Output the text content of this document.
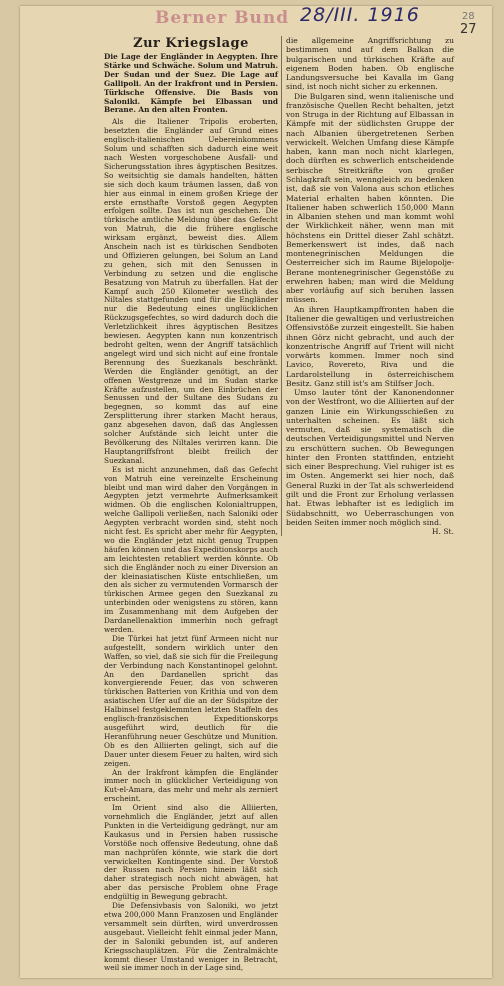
Berner Bund 28/III. 1916	28
27
Zur Kriegslage
Die Lage der Engländer in Aegypten. Ihre Stärke und Schwäche. Solum und Matruh. Der Sudan und der Suez. Die Lage auf Gallipoli. An der Irakfront und in Persien. Türkische Offensive. Die Basis von Saloniki. Kämpfe bei Elbassan und Berane. An den alten Fronten.

Als die Italiener Tripolis eroberten, besetzten die Engländer auf Grund eines englisch-italienischen Uebereinkommens Solum und schafften sich dadurch eine weit nach Westen vorgeschobene Ausfall- und Sicherungsstation ihres ägyptischen Besitzes. So weitsichtig sie damals handelten, hätten sie sich doch kaum träumen lassen, daß von hier aus einmal in einem großen Kriege der erste ernsthafte Vorstoß gegen Aegypten erfolgen sollte. Das ist nun geschehen. Die türkische amtliche Meldung über das Gefecht von Matruh, die die frühere englische wirksam ergänzt, beweist dies. Allem Anschein nach ist es türkischen Sendboten und Offizieren gelungen, bei Solum an Land zu gehen, sich mit den Senussen in Verbindung zu setzen und die englische Besatzung von Matruh zu überfallen. Hat der Kampf auch 250 Kilometer westlich des Niltales stattgefunden und für die Engländer nur die Bedeutung eines unglücklichen Rückzugsgefechtes, so wird dadurch doch die Verletzlichkeit ihres ägyptischen Besitzes bewiesen. Aegypten kann nun konzentrisch bedroht gelten, wenn der Angriff tatsächlich angelegt wird und sich nicht auf eine frontale Berennung des Suezkanals beschränkt. Werden die Engländer genötigt, an der offenen Westgrenze und im Sudan starke Kräfte aufzustellen, um den Einbrüchen der Senussen und der Sultane des Sudans zu begegnen, so kommt das auf eine Zersplitterung ihrer starken Macht heraus, ganz abgesehen davon, daß das Anglessen solcher Aufstände sich leicht unter die Bevölkerung des Niltales verirren kann. Die Hauptangriffsfront bleibt freilich der Suezkanal.

Es ist nicht anzunehmen, daß das Gefecht von Matruh eine vereinzelte Erscheinung bleibt und man wird daher den Vorgängen in Aegypten jetzt vermehrte Aufmerksamkeit widmen. Ob die englischen Kolonialtruppen, welche Gallipoli verließen, nach Saloniki oder Aegypten verbracht worden sind, steht noch nicht fest. Es spricht aber mehr für Aegypten, wo die Engländer jetzt nicht genug Truppen häufen können und das Expeditionskorps auch am leichtesten retabliert werden könnte. Ob sich die Engländer noch zu einer Diversion an der kleinasiatischen Küste entschließen, um den als sicher zu vermutenden Vormarsch der türkischen Armee gegen den Suezkanal zu unterbinden oder wenigstens zu stören, kann im Zusammenhang mit dem Aufgeben der Dardanellenaktion immerhin noch gefragt werden.

Die Türkei hat jetzt fünf Armeen nicht nur aufgestellt, sondern wirklich unter den Waffen, so viel, daß sie sich für die Freilegung der Verbindung nach Konstantinopel gelohnt. An den Dardanellen spricht das konvergierende Feuer, das von schweren türkischen Batterien von Krithia und von dem asiatischen Ufer auf die an der Südspitze der Halbinsel festgeklemmten letzten Staffeln des englisch-französischen Expeditionskorps ausgeführt wird, deutlich für die Heranführung neuer Geschütze und Munition. Ob es den Alliierten gelingt, sich auf die Dauer unter diesem Feuer zu halten, wird sich zeigen.

An der Irakfront kämpfen die Engländer immer noch in glücklicher Verteidigung von Kut-el-Amara, das mehr und mehr als zerniert erscheint.

Im Orient sind also die Alliierten, vornehmlich die Engländer, jetzt auf allen Punkten in die Verteidigung gedrängt, nur am Kaukasus und in Persien haben russische Vorstöße noch offensive Bedeutung, ohne daß man nachprüfen könnte, wie stark die dort verwickelten Kontingente sind. Der Vorstoß der Russen nach Persien hinein läßt sich daher strategisch noch nicht abwägen, hat aber das persische Problem ohne Frage endgültig in Bewegung gebracht.

Die Defensivbasis von Saloniki, wo jetzt etwa 200,000 Mann Franzosen und Engländer versammelt sein dürften, wird unverdrossen ausgebaut. Vielleicht fehlt einmal jeder Mann, der in Saloniki gebunden ist, auf anderen Kriegsschauplätzen. Für die Zentralmächte kommt dieser Umstand weniger in Betracht, weil sie immer noch in der Lage sind,

die allgemeine Angriffsrichtung zu bestimmen und auf dem Balkan die bulgarischen und türkischen Kräfte auf eigenem Boden haben. Ob englische Landungsversuche bei Kavalla im Gang sind, ist noch nicht sicher zu erkennen.

Die Bulgaren sind, wenn italienische und französische Quellen Recht behalten, jetzt von Struga in der Richtung auf Elbassan in Kämpfe mit der südlichsten Gruppe der nach Albanien übergetretenen Serben verwickelt. Welchen Umfang diese Kämpfe haben, kann man noch nicht klarlegen, doch dürften es schwerlich entscheidende serbische Streitkräfte von großer Schlagkraft sein, wenngleich zu bedenken ist, daß sie von Valona aus schon etliches Material erhalten haben könnten. Die Italiener haben schwerlich 150,000 Mann in Albanien stehen und man kommt wohl der Wirklichkeit näher, wenn man mit höchstens ein Drittel dieser Zahl schätzt. Bemerkenswert ist indes, daß nach montenegrinischen Meldungen die Oesterreicher sich im Raume Bijelopolje-Berane montenegrinischer Gegenstöße zu erwehren haben; man wird die Meldung aber vorläufig auf sich beruhen lassen müssen.

An ihren Hauptkampffronten haben die Italiener die gewaltigen und verlustreichen Offensivstöße zurzeit eingestellt. Sie haben ihnen Görz nicht gebracht, und auch der konzentrische Angriff auf Trient will nicht vorwärts kommen. Immer noch sind Lavico, Rovereto, Riva und die Lardarolstellung in österreichischem Besitz. Ganz still ist's am Stilfser Joch.

Umso lauter tönt der Kanonendonner von der Westfront, wo die Alliierten auf der ganzen Linie ein Wirkungsschießen zu unterhalten scheinen. Es läßt sich vermuten, daß sie systematisch die deutschen Verteidigungsmittel und Nerven zu erschüttern suchen. Ob Bewegungen hinter den Fronten stattfinden, entzieht sich einer Besprechung. Viel ruhiger ist es im Osten. Angemerkt sei hier noch, daß General Ruzki in der Tat als schwerleidend gilt und die Front zur Erholung verlassen hat. Etwas lebhafter ist es lediglich im Südabschnitt, wo Ueberraschungen von beiden Seiten immer noch möglich sind.

H. St.
